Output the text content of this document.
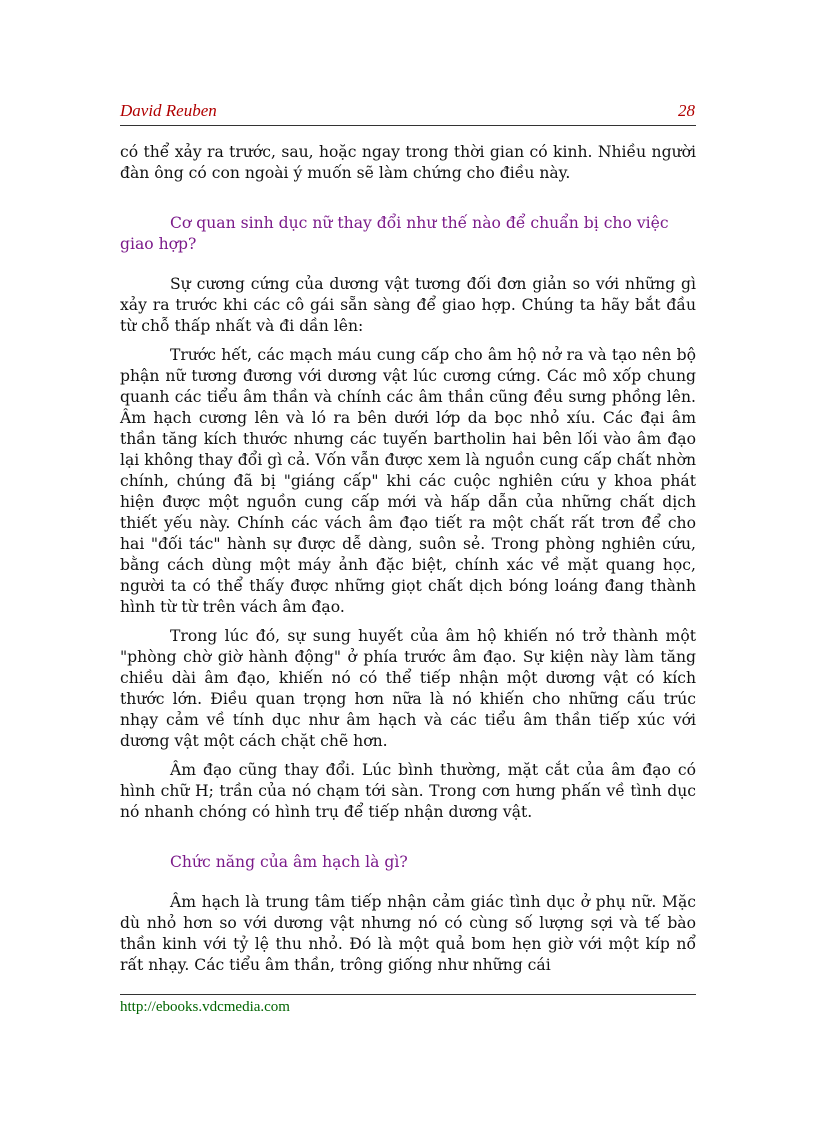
David Reuben	28

có thể xảy ra trước, sau, hoặc ngay trong thời gian có kinh. Nhiều người đàn ông có con ngoài ý muốn sẽ làm chứng cho điều này.

Cơ quan sinh dục nữ thay đổi như thế nào để chuẩn bị cho việc giao hợp?

Sự cương cứng của dương vật tương đối đơn giản so với những gì xảy ra trước khi các cô gái sẵn sàng để giao hợp. Chúng ta hãy bắt đầu từ chỗ thấp nhất và đi dần lên:

Trước hết, các mạch máu cung cấp cho âm hộ nở ra và tạo nên bộ phận nữ tương đương với dương vật lúc cương cứng. Các mô xốp chung quanh các tiểu âm thần và chính các âm thần cũng đều sưng phồng lên. Âm hạch cương lên và ló ra bên dưới lớp da bọc nhỏ xíu. Các đại âm thần tăng kích thước nhưng các tuyến bartholin hai bên lối vào âm đạo lại không thay đổi gì cả. Vốn vẫn được xem là nguồn cung cấp chất nhờn chính, chúng đã bị "giáng cấp" khi các cuộc nghiên cứu y khoa phát hiện được một nguồn cung cấp mới và hấp dẫn của những chất dịch thiết yếu này. Chính các vách âm đạo tiết ra một chất rất trơn để cho hai "đối tác" hành sự được dễ dàng, suôn sẻ. Trong phòng nghiên cứu, bằng cách dùng một máy ảnh đặc biệt, chính xác về mặt quang học, người ta có thể thấy được những giọt chất dịch bóng loáng đang thành hình từ từ trên vách âm đạo.

Trong lúc đó, sự sung huyết của âm hộ khiến nó trở thành một "phòng chờ giờ hành động" ở phía trước âm đạo. Sự kiện này làm tăng chiều dài âm đạo, khiến nó có thể tiếp nhận một dương vật có kích thước lớn. Điều quan trọng hơn nữa là nó khiến cho những cấu trúc nhạy cảm về tính dục như âm hạch và các tiểu âm thần tiếp xúc với dương vật một cách chặt chẽ hơn.

Âm đạo cũng thay đổi. Lúc bình thường, mặt cắt của âm đạo có hình chữ H; trần của nó chạm tới sàn. Trong cơn hưng phấn về tình dục nó nhanh chóng có hình trụ để tiếp nhận dương vật.

Chức năng của âm hạch là gì?

Âm hạch là trung tâm tiếp nhận cảm giác tình dục ở phụ nữ. Mặc dù nhỏ hơn so với dương vật nhưng nó có cùng số lượng sợi và tế bào thần kinh với tỷ lệ thu nhỏ. Đó là một quả bom hẹn giờ với một kíp nổ rất nhạy. Các tiểu âm thần, trông giống như những cái

http://ebooks.vdcmedia.com
